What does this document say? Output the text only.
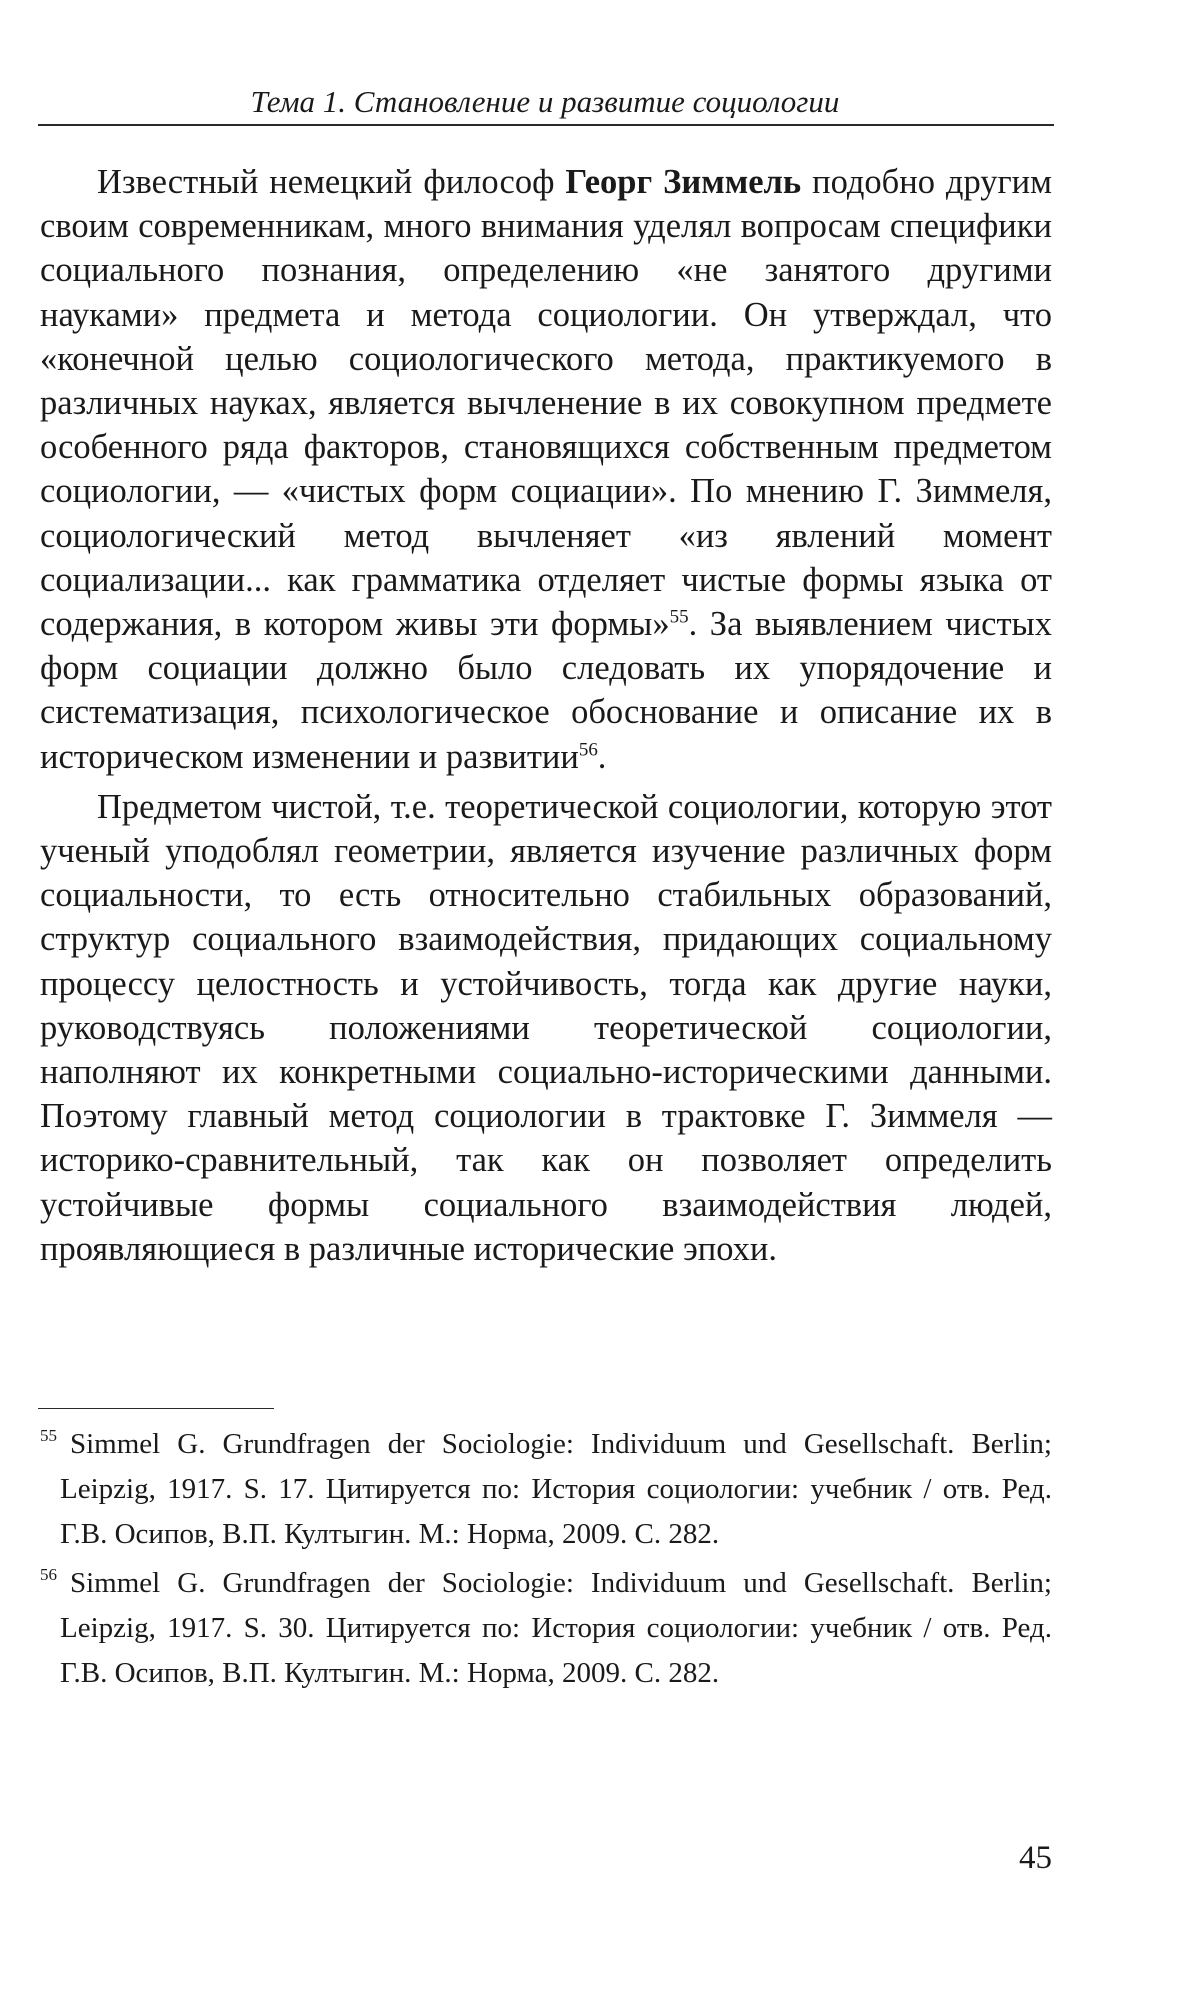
Тема 1. Становление и развитие социологии

Известный немецкий философ Георг Зиммель подобно другим своим современникам, много внимания уделял вопросам специфики социального познания, определению «не занятого другими науками» предмета и метода социологии. Он утверждал, что «конечной целью социологического метода, практикуемого в различных науках, является вычленение в их совокупном предмете особенного ряда факторов, становящихся собственным предметом социологии, — «чистых форм социации». По мнению Г. Зиммеля, социологический метод вычленяет «из явлений момент социализации... как грамматика отделяет чистые формы языка от содержания, в котором живы эти формы»$^{55}$. За выявлением чистых форм социации должно было следовать их упорядочение и систематизация, психологическое обоснование и описание их в историческом изменении и развитии$^{56}$.

Предметом чистой, т.е. теоретической социологии, которую этот ученый уподоблял геометрии, является изучение различных форм социальности, то есть относительно стабильных образований, структур социального взаимодействия, придающих социальному процессу целостность и устойчивость, тогда как другие науки, руководствуясь положениями теоретической социологии, наполняют их конкретными социально-историческими данными. Поэтому главный метод социологии в трактовке Г. Зиммеля — историко-сравнительный, так как он позволяет определить устойчивые формы социального взаимодействия людей, проявляющиеся в различные исторические эпохи.

55 Simmel G. Grundfragen der Sociologie: Individuum und Gesellschaft. Berlin; Leipzig, 1917. S. 17. Цитируется по: История социологии: учебник / отв. Ред. Г.В. Осипов, В.П. Култыгин. М.: Норма, 2009. С. 282.

56 Simmel G. Grundfragen der Sociologie: Individuum und Gesellschaft. Berlin; Leipzig, 1917. S. 30. Цитируется по: История социологии: учебник / отв. Ред. Г.В. Осипов, В.П. Култыгин. М.: Норма, 2009. С. 282.

45
